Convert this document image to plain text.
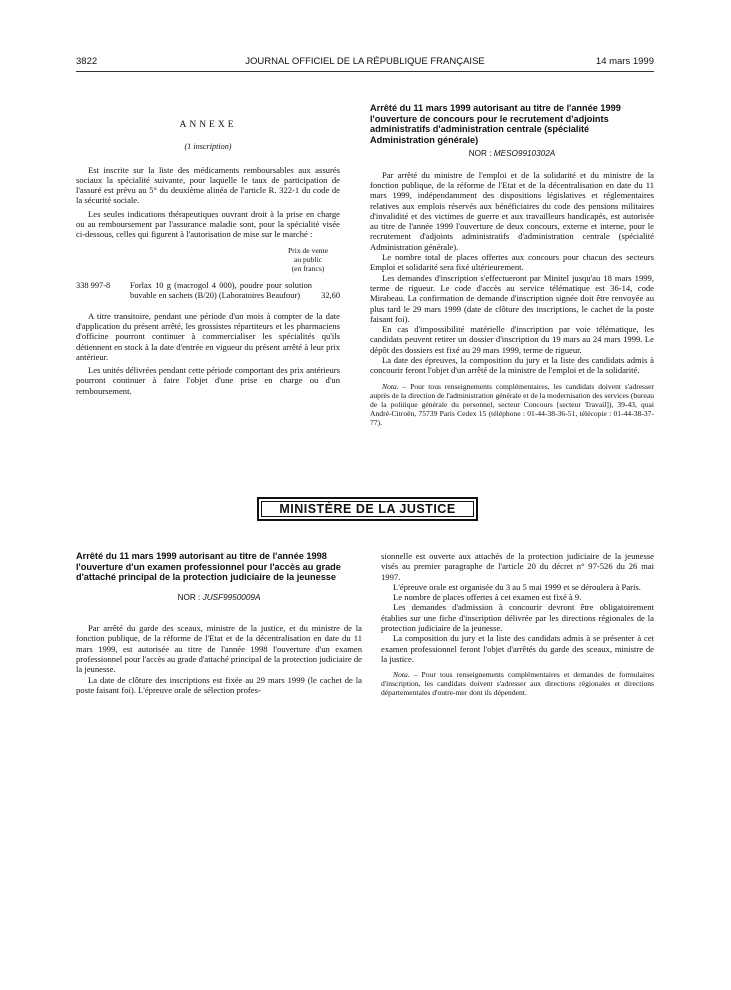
3822	JOURNAL OFFICIEL DE LA RÉPUBLIQUE FRANÇAISE	14 mars 1999
ANNEXE
(1 inscription)

Est inscrite sur la liste des médicaments remboursables aux assurés sociaux la spécialité suivante, pour laquelle le taux de participation de l'assuré est prévu au 5° du deuxième alinéa de l'article R. 322-1 du code de la sécurité sociale.

Les seules indications thérapeutiques ouvrant droit à la prise en charge ou au remboursement par l'assurance maladie sont, pour la spécialité visée ci-dessous, celles qui figurent à l'autorisation de mise sur le marché :

Prix de vente
au public
(en francs)
338 997-8	Forlax 10 g (macrogol 4 000), poudre pour solution buvable en sachets (B/20) (Laboratoires Beaufour)	32,60

A titre transitoire, pendant une période d'un mois à compter de la date d'application du présent arrêté, les grossistes répartiteurs et les pharmaciens d'officine pourront continuer à commercialiser les spécialités qu'ils détiennent en stock à la date d'entrée en vigueur du présent arrêté à leur prix antérieur.

Les unités délivrées pendant cette période comportant des prix antérieurs pourront continuer à faire l'objet d'une prise en charge ou d'un remboursement.

Arrêté du 11 mars 1999 autorisant au titre de l'année 1999 l'ouverture de concours pour le recrutement d'adjoints administratifs d'administration centrale (spécialité Administration générale)
NOR : MESO9910302A

Par arrêté du ministre de l'emploi et de la solidarité et du ministre de la fonction publique, de la réforme de l'Etat et de la décentralisation en date du 11 mars 1999, indépendamment des dispositions législatives et réglementaires relatives aux emplois réservés aux bénéficiaires du code des pensions militaires d'invalidité et des victimes de guerre et aux travailleurs handicapés, est autorisée au titre de l'année 1999 l'ouverture de deux concours, externe et interne, pour le recrutement d'adjoints administratifs d'administration centrale (spécialité Administration générale).

Le nombre total de places offertes aux concours pour chacun des secteurs Emploi et solidarité sera fixé ultérieurement.

Les demandes d'inscription s'effectueront par Minitel jusqu'au 18 mars 1999, terme de rigueur. Le code d'accès au service télématique est 36-14, code Mirabeau. La confirmation de demande d'inscription signée doit être renvoyée au plus tard le 29 mars 1999 (date de clôture des inscriptions, le cachet de la poste faisant foi).

En cas d'impossibilité matérielle d'inscription par voie télématique, les candidats peuvent retirer un dossier d'inscription du 19 mars au 24 mars 1999. Le dépôt des dossiers est fixé au 29 mars 1999, terme de rigueur.

La date des épreuves, la composition du jury et la liste des candidats admis à concourir feront l'objet d'un arrêté de la ministre de l'emploi et de la solidarité.

Nota. – Pour tous renseignements complémentaires, les candidats doivent s'adresser auprès de la direction de l'administration générale et de la modernisation des services (bureau de la politique générale du personnel, secteur Concours [secteur Travail]), 39-43, quai André-Citroën, 75739 Paris Cedex 15 (téléphone : 01-44-38-36-51, télécopie : 01-44-38-37-77).

MINISTÈRE DE LA JUSTICE
Arrêté du 11 mars 1999 autorisant au titre de l'année 1998 l'ouverture d'un examen professionnel pour l'accès au grade d'attaché principal de la protection judiciaire de la jeunesse
NOR : JUSF9950009A

Par arrêté du garde des sceaux, ministre de la justice, et du ministre de la fonction publique, de la réforme de l'Etat et de la décentralisation en date du 11 mars 1999, est autorisée au titre de l'année 1998 l'ouverture d'un examen professionnel pour l'accès au grade d'attaché principal de la protection judiciaire de la jeunesse.

La date de clôture des inscriptions est fixée au 29 mars 1999 (le cachet de la poste faisant foi). L'épreuve orale de sélection profes-

sionnelle est ouverte aux attachés de la protection judiciaire de la jeunesse visés au premier paragraphe de l'article 20 du décret n° 97-526 du 26 mai 1997.

L'épreuve orale est organisée du 3 au 5 mai 1999 et se déroulera à Paris.

Le nombre de places offertes à cet examen est fixé à 9.

Les demandes d'admission à concourir devront être obligatoirement établies sur une fiche d'inscription délivrée par les directions régionales de la protection judiciaire de la jeunesse.

La composition du jury et la liste des candidats admis à se présenter à cet examen professionnel feront l'objet d'arrêtés du garde des sceaux, ministre de la justice.

Nota. – Pour tous renseignements complémentaires et demandes de formulaires d'inscription, les candidats doivent s'adresser aux directions régionales et directions départementales d'outre-mer dont ils dépendent.
